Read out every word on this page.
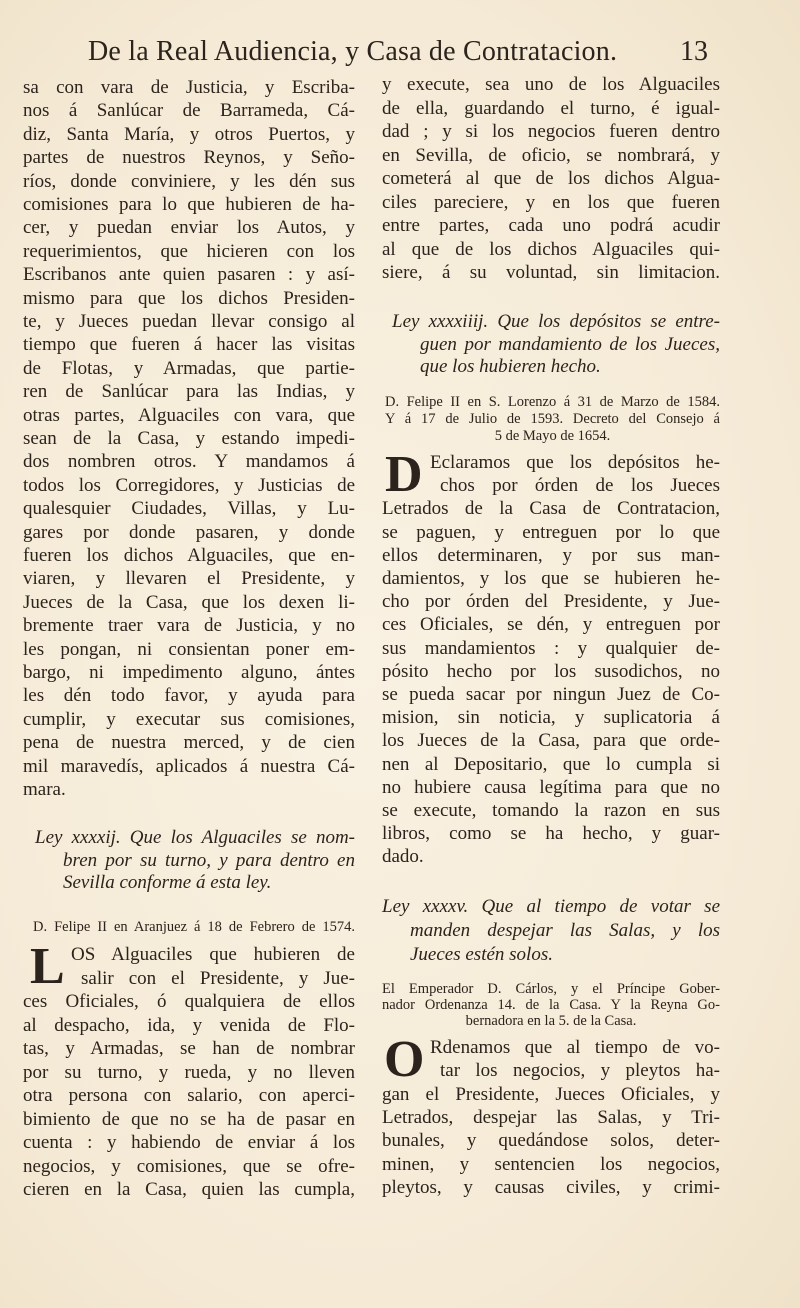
De la Real Audiencia, y Casa de Contratacion. 13
sa con vara de Justicia, y Escriba-
nos á Sanlúcar de Barrameda, Cá-
diz, Santa María, y otros Puertos, y
partes de nuestros Reynos, y Seño-
ríos, donde conviniere, y les dén sus
comisiones para lo que hubieren de ha-
cer, y puedan enviar los Autos, y
requerimientos, que hicieren con los
Escribanos ante quien pasaren : y así-
mismo para que los dichos Presiden-
te, y Jueces puedan llevar consigo al
tiempo que fueren á hacer las visitas
de Flotas, y Armadas, que partie-
ren de Sanlúcar para las Indias, y
otras partes, Alguaciles con vara, que
sean de la Casa, y estando impedi-
dos nombren otros. Y mandamos á
todos los Corregidores, y Justicias de
qualesquier Ciudades, Villas, y Lu-
gares por donde pasaren, y donde
fueren los dichos Alguaciles, que en-
viaren, y llevaren el Presidente, y
Jueces de la Casa, que los dexen li-
bremente traer vara de Justicia, y no
les pongan, ni consientan poner em-
bargo, ni impedimento alguno, ántes
les dén todo favor, y ayuda para
cumplir, y executar sus comisiones,
pena de nuestra merced, y de cien
mil maravedís, aplicados á nuestra Cá-
mara.
Ley xxxxij. Que los Alguaciles se nom-
bren por su turno, y para dentro en
Sevilla conforme á esta ley.
D. Felipe II en Aranjuez á 18 de Febrero de 1574.
L OS Alguaciles que hubieren de
salir con el Presidente, y Jue-
ces Oficiales, ó qualquiera de ellos
al despacho, ida, y venida de Flo-
tas, y Armadas, se han de nombrar
por su turno, y rueda, y no lleven
otra persona con salario, con aperci-
bimiento de que no se ha de pasar en
cuenta : y habiendo de enviar á los
negocios, y comisiones, que se ofre-
cieren en la Casa, quien las cumpla,
y execute, sea uno de los Alguaciles
de ella, guardando el turno, é igual-
dad ; y si los negocios fueren dentro
en Sevilla, de oficio, se nombrará, y
cometerá al que de los dichos Algua-
ciles pareciere, y en los que fueren
entre partes, cada uno podrá acudir
al que de los dichos Alguaciles qui-
siere, á su voluntad, sin limitacion.
Ley xxxxiiij. Que los depósitos se entre-
guen por mandamiento de los Jueces,
que los hubieren hecho.
D. Felipe II en S. Lorenzo á 31 de Marzo de 1584.
Y á 17 de Julio de 1593. Decreto del Consejo á
5 de Mayo de 1654.
D Eclaramos que los depósitos he-
chos por órden de los Jueces
Letrados de la Casa de Contratacion,
se paguen, y entreguen por lo que
ellos determinaren, y por sus man-
damientos, y los que se hubieren he-
cho por órden del Presidente, y Jue-
ces Oficiales, se dén, y entreguen por
sus mandamientos : y qualquier de-
pósito hecho por los susodichos, no
se pueda sacar por ningun Juez de Co-
mision, sin noticia, y suplicatoria á
los Jueces de la Casa, para que orde-
nen al Depositario, que lo cumpla si
no hubiere causa legítima para que no
se execute, tomando la razon en sus
libros, como se ha hecho, y guar-
dado.
Ley xxxxv. Que al tiempo de votar se
manden despejar las Salas, y los
Jueces estén solos.
El Emperador D. Cárlos, y el Príncipe Gober-
nador Ordenanza 14. de la Casa. Y la Reyna Go-
bernadora en la 5. de la Casa.
O Rdenamos que al tiempo de vo-
tar los negocios, y pleytos ha-
gan el Presidente, Jueces Oficiales, y
Letrados, despejar las Salas, y Tri-
bunales, y quedándose solos, deter-
minen, y sentencien los negocios,
pleytos, y causas civiles, y crimi-
